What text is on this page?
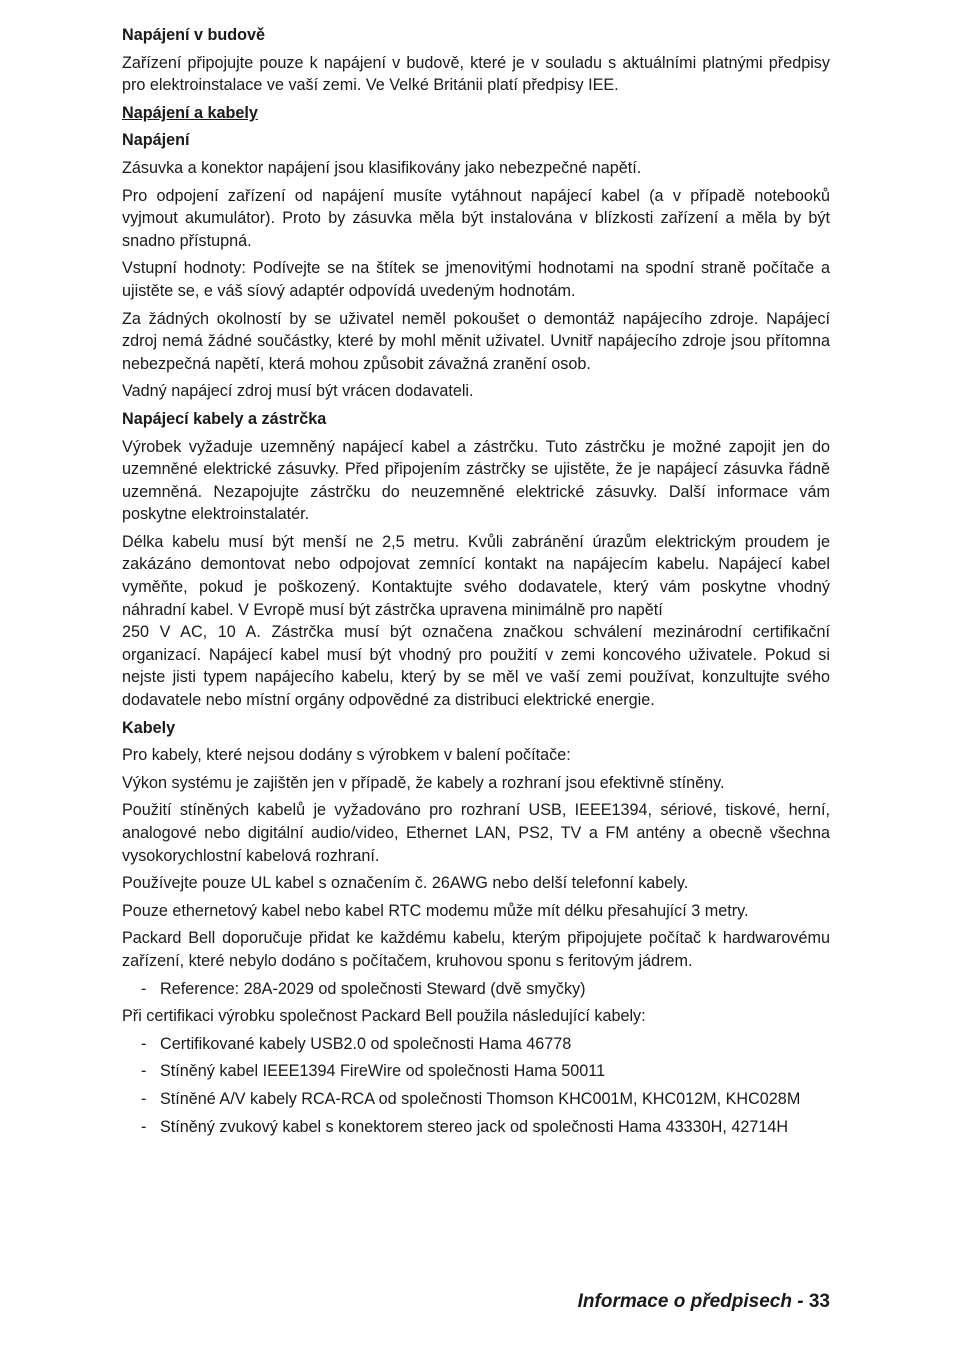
Napájení v budově
Zařízení připojujte pouze k napájení v budově, které je v souladu s aktuálními platnými předpisy pro elektroinstalace ve vaší zemi. Ve Velké Británii platí předpisy IEE.
Napájení a kabely
Napájení
Zásuvka a konektor napájení jsou klasifikovány jako nebezpečné napětí.
Pro odpojení zařízení od napájení musíte vytáhnout napájecí kabel (a v případě notebooků vyjmout akumulátor). Proto by zásuvka měla být instalována v blízkosti zařízení a měla by být snadno přístupná.
Vstupní hodnoty: Podívejte se na štítek se jmenovitými hodnotami na spodní straně počítače a ujistěte se, e váš síový adaptér odpovídá uvedeným hodnotám.
Za žádných okolností by se uživatel neměl pokoušet o demontáž napájecího zdroje. Napájecí zdroj nemá žádné součástky, které by mohl měnit uživatel. Uvnitř napájecího zdroje jsou přítomna nebezpečná napětí, která mohou způsobit závažná zranění osob.
Vadný napájecí zdroj musí být vrácen dodavateli.
Napájecí kabely a zástrčka
Výrobek vyžaduje uzemněný napájecí kabel a zástrčku. Tuto zástrčku je možné zapojit jen do uzemněné elektrické zásuvky. Před připojením zástrčky se ujistěte, že je napájecí zásuvka řádně uzemněná. Nezapojujte zástrčku do neuzemněné elektrické zásuvky. Další informace vám poskytne elektroinstalatér.
Délka kabelu musí být menší ne 2,5 metru. Kvůli zabránění úrazům elektrickým proudem je zakázáno demontovat nebo odpojovat zemnící kontakt na napájecím kabelu. Napájecí kabel vyměňte, pokud je poškozený. Kontaktujte svého dodavatele, který vám poskytne vhodný náhradní kabel. V Evropě musí být zástrčka upravena minimálně pro napětí
250 V AC, 10 A. Zástrčka musí být označena značkou schválení mezinárodní certifikační organizací. Napájecí kabel musí být vhodný pro použití v zemi koncového uživatele. Pokud si nejste jisti typem napájecího kabelu, který by se měl ve vaší zemi používat, konzultujte svého dodavatele nebo místní orgány odpovědné za distribuci elektrické energie.
Kabely
Pro kabely, které nejsou dodány s výrobkem v balení počítače:
Výkon systému je zajištěn jen v případě, že kabely a rozhraní jsou efektivně stíněny.
Použití stíněných kabelů je vyžadováno pro rozhraní USB, IEEE1394, sériové, tiskové, herní, analogové nebo digitální audio/video, Ethernet LAN, PS2, TV a FM antény a obecně všechna vysokorychlostní kabelová rozhraní.
Používejte pouze UL kabel s označením č. 26AWG nebo delší telefonní kabely.
Pouze ethernetový kabel nebo kabel RTC modemu může mít délku přesahující 3 metry.
Packard Bell doporučuje přidat ke každému kabelu, kterým připojujete počítač k hardwarovému zařízení, které nebylo dodáno s počítačem, kruhovou sponu s feritovým jádrem.
- Reference: 28A-2029 od společnosti Steward (dvě smyčky)
Při certifikaci výrobku společnost Packard Bell použila následující kabely:
- Certifikované kabely USB2.0 od společnosti Hama 46778
- Stíněný kabel IEEE1394 FireWire od společnosti Hama 50011
- Stíněné A/V kabely RCA-RCA od společnosti Thomson KHC001M, KHC012M, KHC028M
- Stíněný zvukový kabel s konektorem stereo jack od společnosti Hama 43330H, 42714H
Informace o předpisech - 33
